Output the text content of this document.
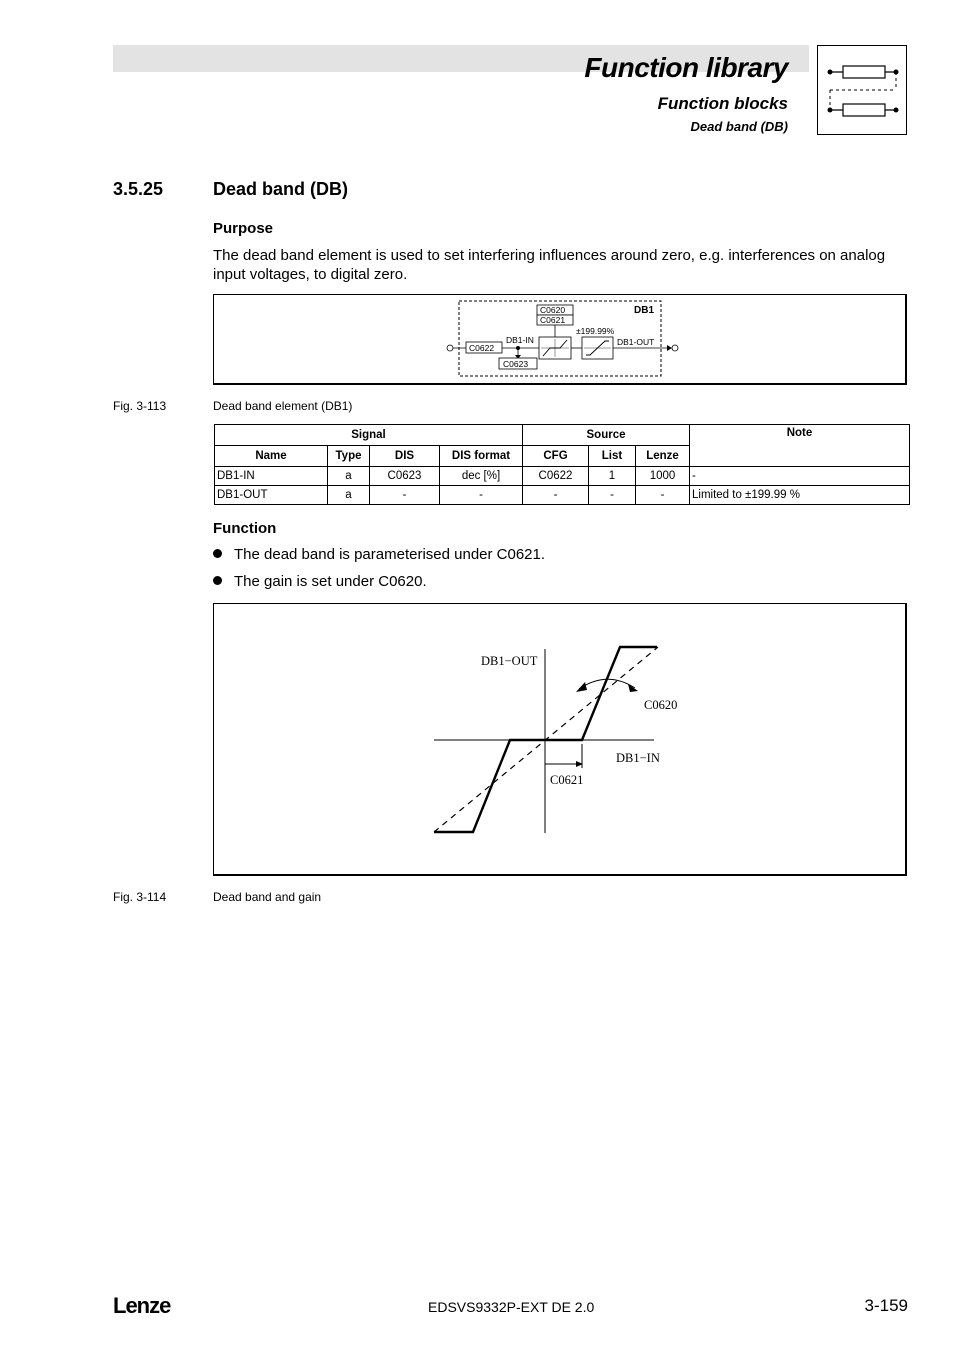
Function library
Function blocks
Dead band (DB)
3.5.25	Dead band (DB)
Purpose
The dead band element is used to set interfering influences around zero, e.g. interferences on analog input voltages, to digital zero.
DB1
C0620
C0621
C0622
DB1-IN
C0623
±199.99%
DB1-OUT
Fig. 3-113	Dead band element (DB1)
Signal				Source			Note
Name	Type	DIS	DIS format	CFG	List	Lenze	
DB1-IN	a	C0623	dec [%]	C0622	1	1000	-
DB1-OUT	a	-	-	-	-	-	Limited to ±199.99 %
Function
The dead band is parameterised under C0621.
The gain is set under C0620.
DB1−OUT
C0620
DB1−IN
C0621
Fig. 3-114	Dead band and gain
Lenze	EDSVS9332P-EXT DE 2.0	3-159
